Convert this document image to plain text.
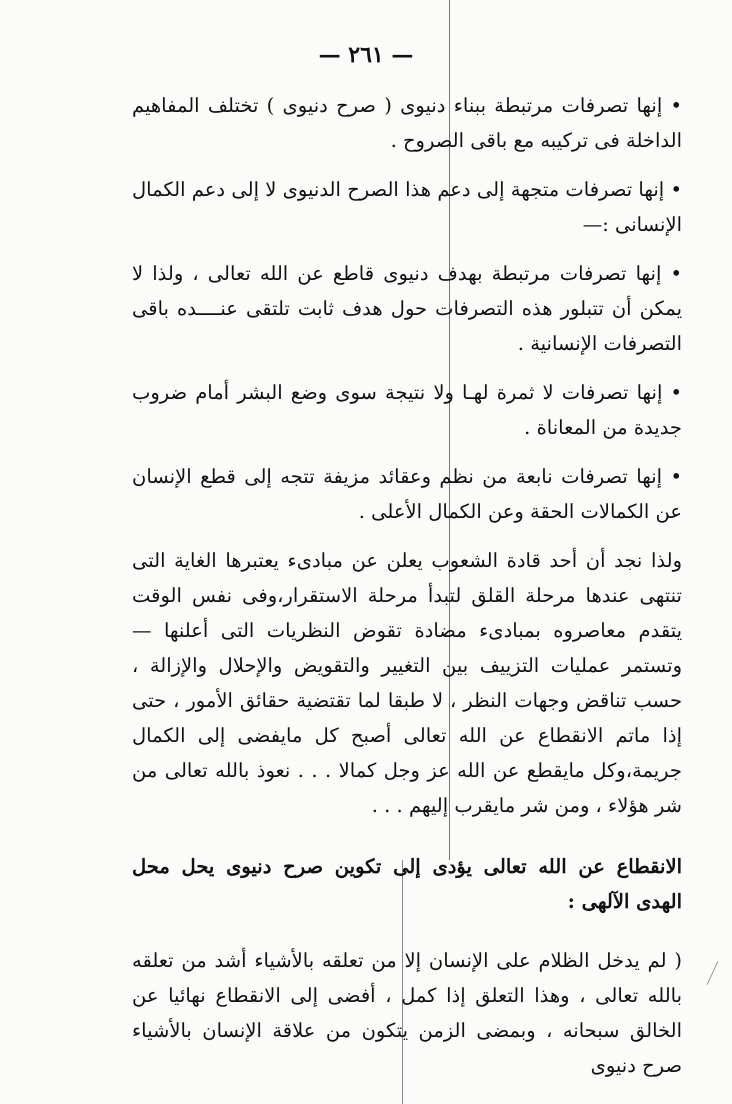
— ٢٦١ —

• إنها تصرفات مرتبطة ببناء دنيوى ( صرح دنيوى ) تختلف المفاهيم الداخلة فى تركيبه مع باقى الصروح .

• إنها تصرفات متجهة إلى دعم هذا الصرح الدنيوى لا إلى دعم الكمال الإنسانى :—

• إنها تصرفات مرتبطة بهدف دنيوى قاطع عن الله تعالى ، ولذا لا يمكن أن تتبلور هذه التصرفات حول هدف ثابت تلتقى عنــــده باقى التصرفات الإنسانية .

• إنها تصرفات لا ثمرة لهـا ولا نتيجة سوى وضع البشر أمام ضروب جديدة من المعاناة .

• إنها تصرفات نابعة من نظم وعقائد مزيفة تتجه إلى قطع الإنسان عن الكمالات الحقة وعن الكمال الأعلى .

ولذا نجد أن أحد قادة الشعوب يعلن عن مبادىء يعتبرها الغاية التى تنتهى عندها مرحلة القلق لتبدأ مرحلة الاستقرار،وفى نفس الوقت يتقدم معاصروه بمبادىء مضادة تقوض النظريات التى أعلنها — وتستمر عمليات التزييف بين التغيير والتقويض والإحلال والإزالة ، حسب تناقض وجهات النظر ، لا طبقا لما تقتضية حقائق الأمور ، حتى إذا ماتم الانقطاع عن الله تعالى أصبح كل مايفضى إلى الكمال جريمة،وكل مايقطع عن الله عز وجل كمالا . . . نعوذ بالله تعالى من شر هؤلاء ، ومن شر مايقرب إليهم . . .

الانقطاع عن الله تعالى يؤدى إلى تكوين صرح دنيوى يحل محل الهدى الآلهى :

( لم يدخل الظلام على الإنسان إلا من تعلقه بالأشياء أشد من تعلقه بالله تعالى ، وهذا التعلق إذا كمل ، أفضى إلى الانقطاع نهائيا عن الخالق سبحانه ، وبمضى الزمن يتكون من علاقة الإنسان بالأشياء صرح دنيوى
